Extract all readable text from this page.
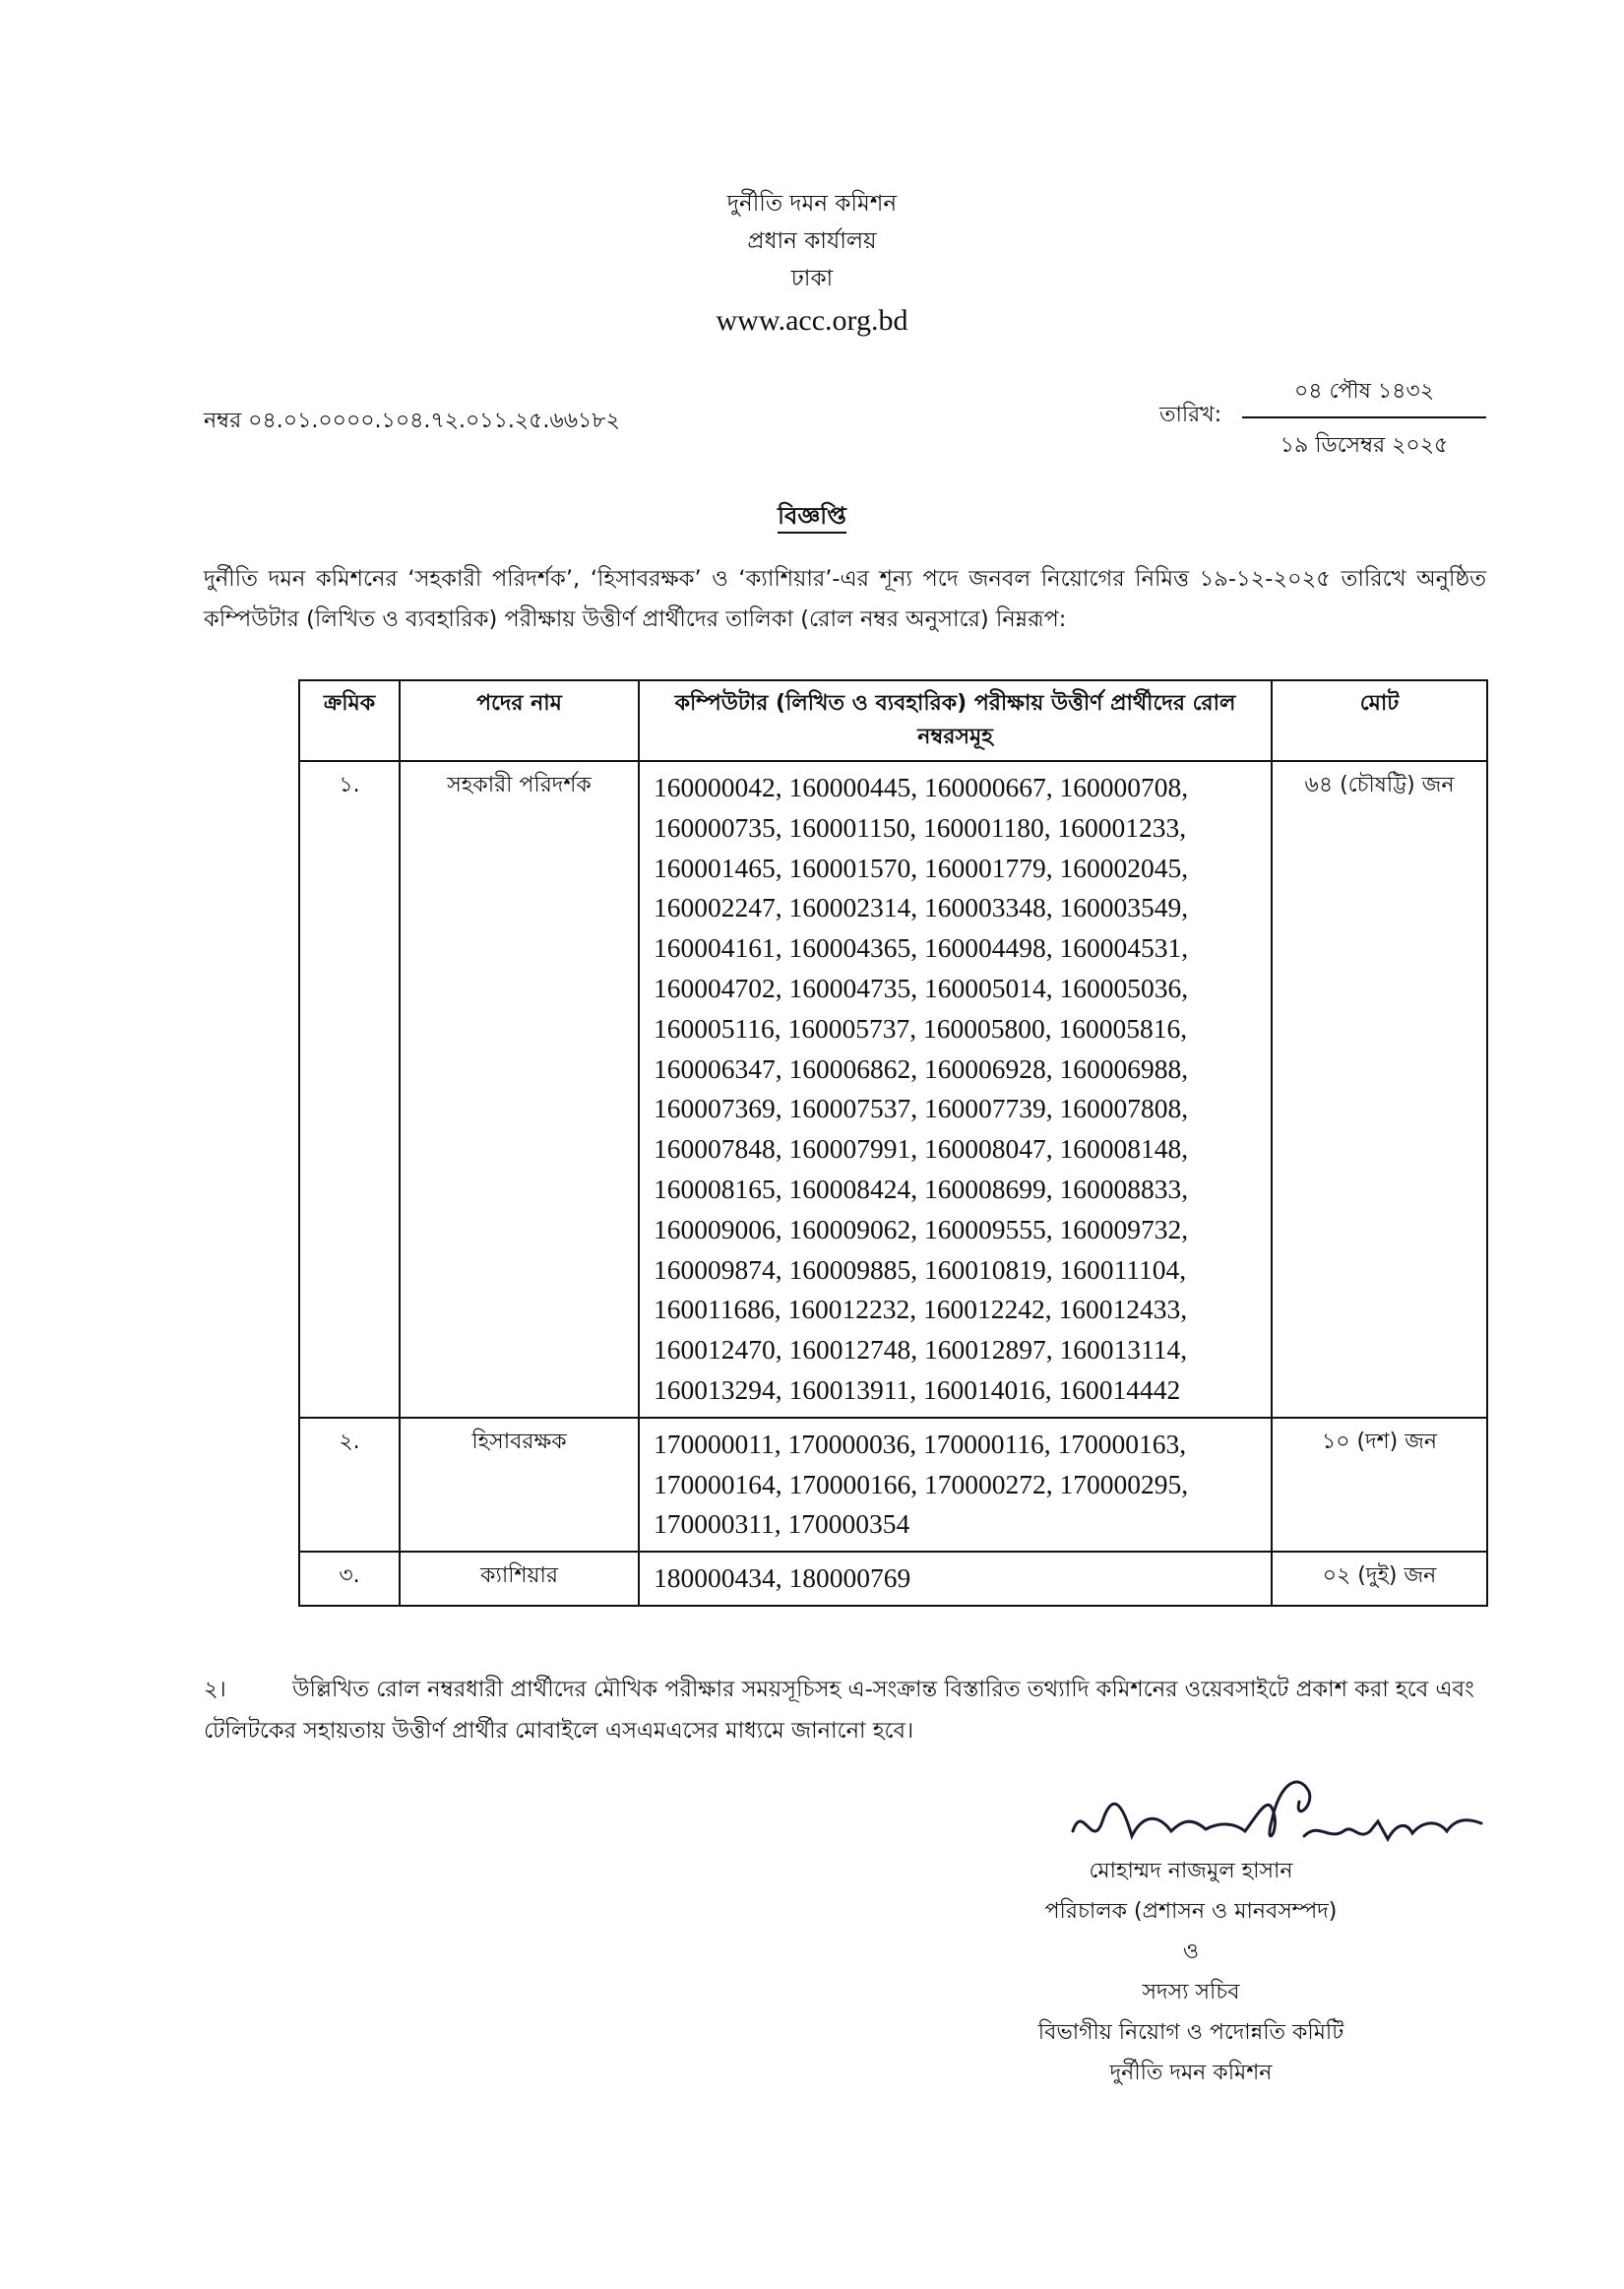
দুর্নীতি দমন কমিশন
প্রধান কার্যালয়
ঢাকা
www.acc.org.bd
নম্বর ০৪.০১.০০০০.১০৪.৭২.০১১.২৫.৬৬১৮২	তারিখ:
০৪ পৌষ ১৪৩২
১৯ ডিসেম্বর ২০২৫
বিজ্ঞপ্তি
দুর্নীতি দমন কমিশনের ‘সহকারী পরিদর্শক’, ‘হিসাবরক্ষক’ ও ‘ক্যাশিয়ার’-এর শূন্য পদে জনবল নিয়োগের নিমিত্ত ১৯-১২-২০২৫ তারিখে অনুষ্ঠিত কম্পিউটার (লিখিত ও ব্যবহারিক) পরীক্ষায় উত্তীর্ণ প্রার্থীদের তালিকা (রোল নম্বর অনুসারে) নিম্নরূপ:
ক্রমিক	পদের নাম	কম্পিউটার (লিখিত ও ব্যবহারিক) পরীক্ষায় উত্তীর্ণ প্রার্থীদের রোল নম্বরসমূহ	মোট
১.	সহকারী পরিদর্শক	160000042, 160000445, 160000667, 160000708, 160000735, 160001150, 160001180, 160001233, 160001465, 160001570, 160001779, 160002045, 160002247, 160002314, 160003348, 160003549, 160004161, 160004365, 160004498, 160004531, 160004702, 160004735, 160005014, 160005036, 160005116, 160005737, 160005800, 160005816, 160006347, 160006862, 160006928, 160006988, 160007369, 160007537, 160007739, 160007808, 160007848, 160007991, 160008047, 160008148, 160008165, 160008424, 160008699, 160008833, 160009006, 160009062, 160009555, 160009732, 160009874, 160009885, 160010819, 160011104, 160011686, 160012232, 160012242, 160012433, 160012470, 160012748, 160012897, 160013114, 160013294, 160013911, 160014016, 160014442	৬৪ (চৌষট্টি) জন
২.	হিসাবরক্ষক	170000011, 170000036, 170000116, 170000163, 170000164, 170000166, 170000272, 170000295, 170000311, 170000354	১০ (দশ) জন
৩.	ক্যাশিয়ার	180000434, 180000769	০২ (দুই) জন
২।	উল্লিখিত রোল নম্বরধারী প্রার্থীদের মৌখিক পরীক্ষার সময়সূচিসহ এ-সংক্রান্ত বিস্তারিত তথ্যাদি কমিশনের ওয়েবসাইটে প্রকাশ করা হবে এবং টেলিটকের সহায়তায় উত্তীর্ণ প্রার্থীর মোবাইলে এসএমএসের মাধ্যমে জানানো হবে।
মোহাম্মদ নাজমুল হাসান
পরিচালক (প্রশাসন ও মানবসম্পদ)
ও
সদস্য সচিব
বিভাগীয় নিয়োগ ও পদোন্নতি কমিটি
দুর্নীতি দমন কমিশন
